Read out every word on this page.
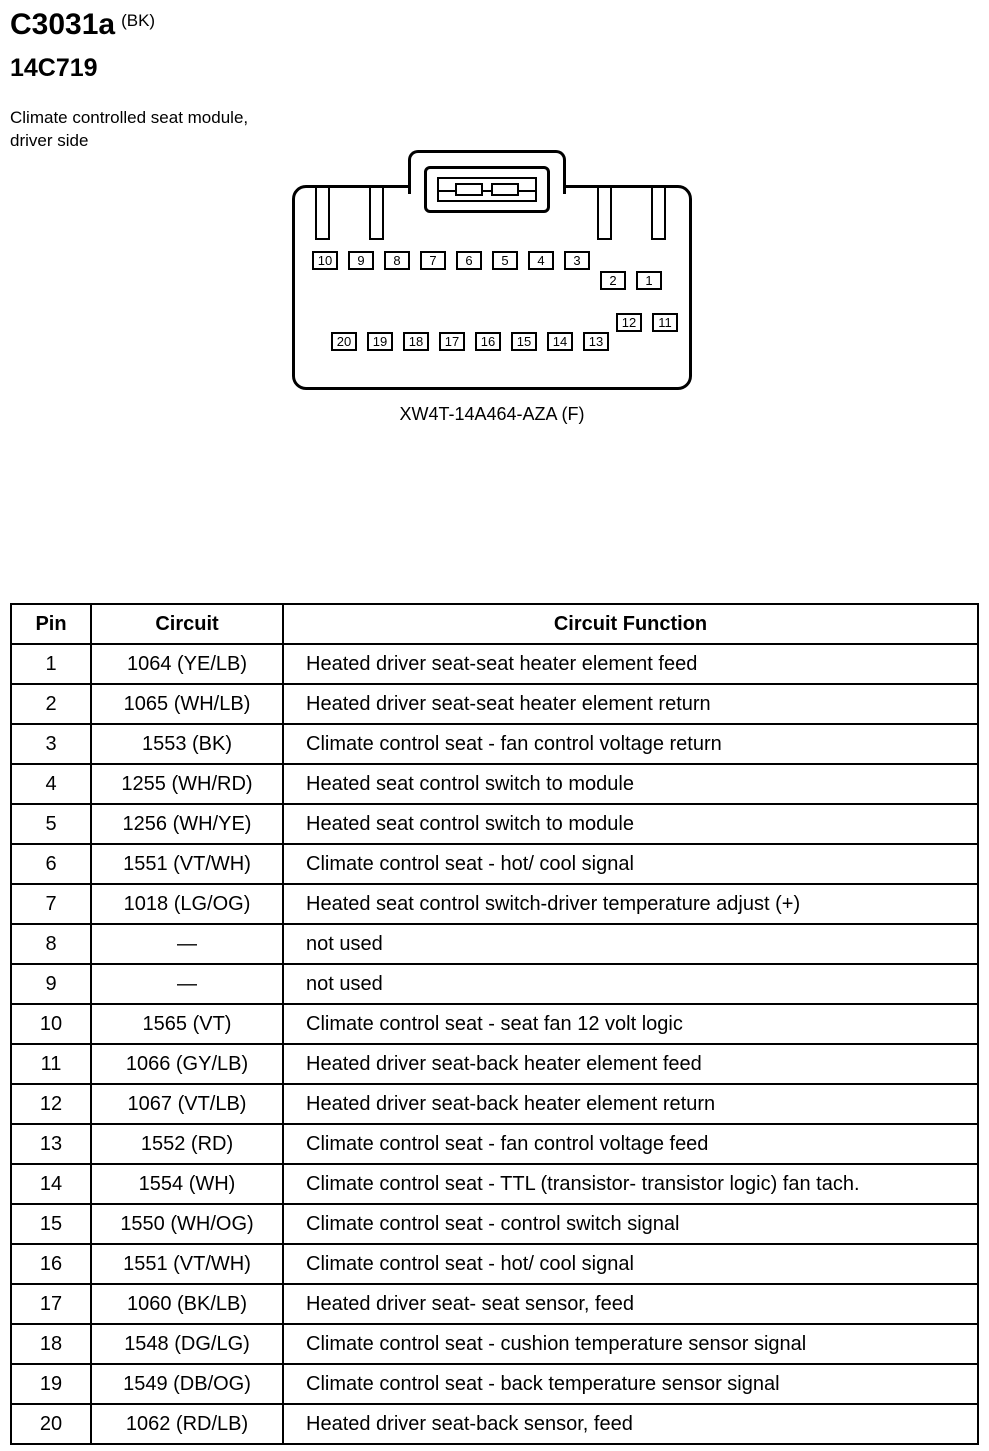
C3031a (BK)
14C719
Climate controlled seat module,
driver side
10	9	8	7	6	5	4	3
2	1
12	11
20	19	18	17	16	15	14	13
XW4T-14A464-AZA (F)
Pin	Circuit	Circuit Function
1	1064 (YE/LB)	Heated driver seat-seat heater element feed
2	1065 (WH/LB)	Heated driver seat-seat heater element return
3	1553 (BK)	Climate control seat - fan control voltage return
4	1255 (WH/RD)	Heated seat control switch to module
5	1256 (WH/YE)	Heated seat control switch to module
6	1551 (VT/WH)	Climate control seat - hot/ cool signal
7	1018 (LG/OG)	Heated seat control switch-driver temperature adjust (+)
8	—	not used
9	—	not used
10	1565 (VT)	Climate control seat - seat fan 12 volt logic
11	1066 (GY/LB)	Heated driver seat-back heater element feed
12	1067 (VT/LB)	Heated driver seat-back heater element return
13	1552 (RD)	Climate control seat - fan control voltage feed
14	1554 (WH)	Climate control seat - TTL (transistor- transistor logic) fan tach.
15	1550 (WH/OG)	Climate control seat - control switch signal
16	1551 (VT/WH)	Climate control seat - hot/ cool signal
17	1060 (BK/LB)	Heated driver seat- seat sensor, feed
18	1548 (DG/LG)	Climate control seat - cushion temperature sensor signal
19	1549 (DB/OG)	Climate control seat - back temperature sensor signal
20	1062 (RD/LB)	Heated driver seat-back sensor, feed
